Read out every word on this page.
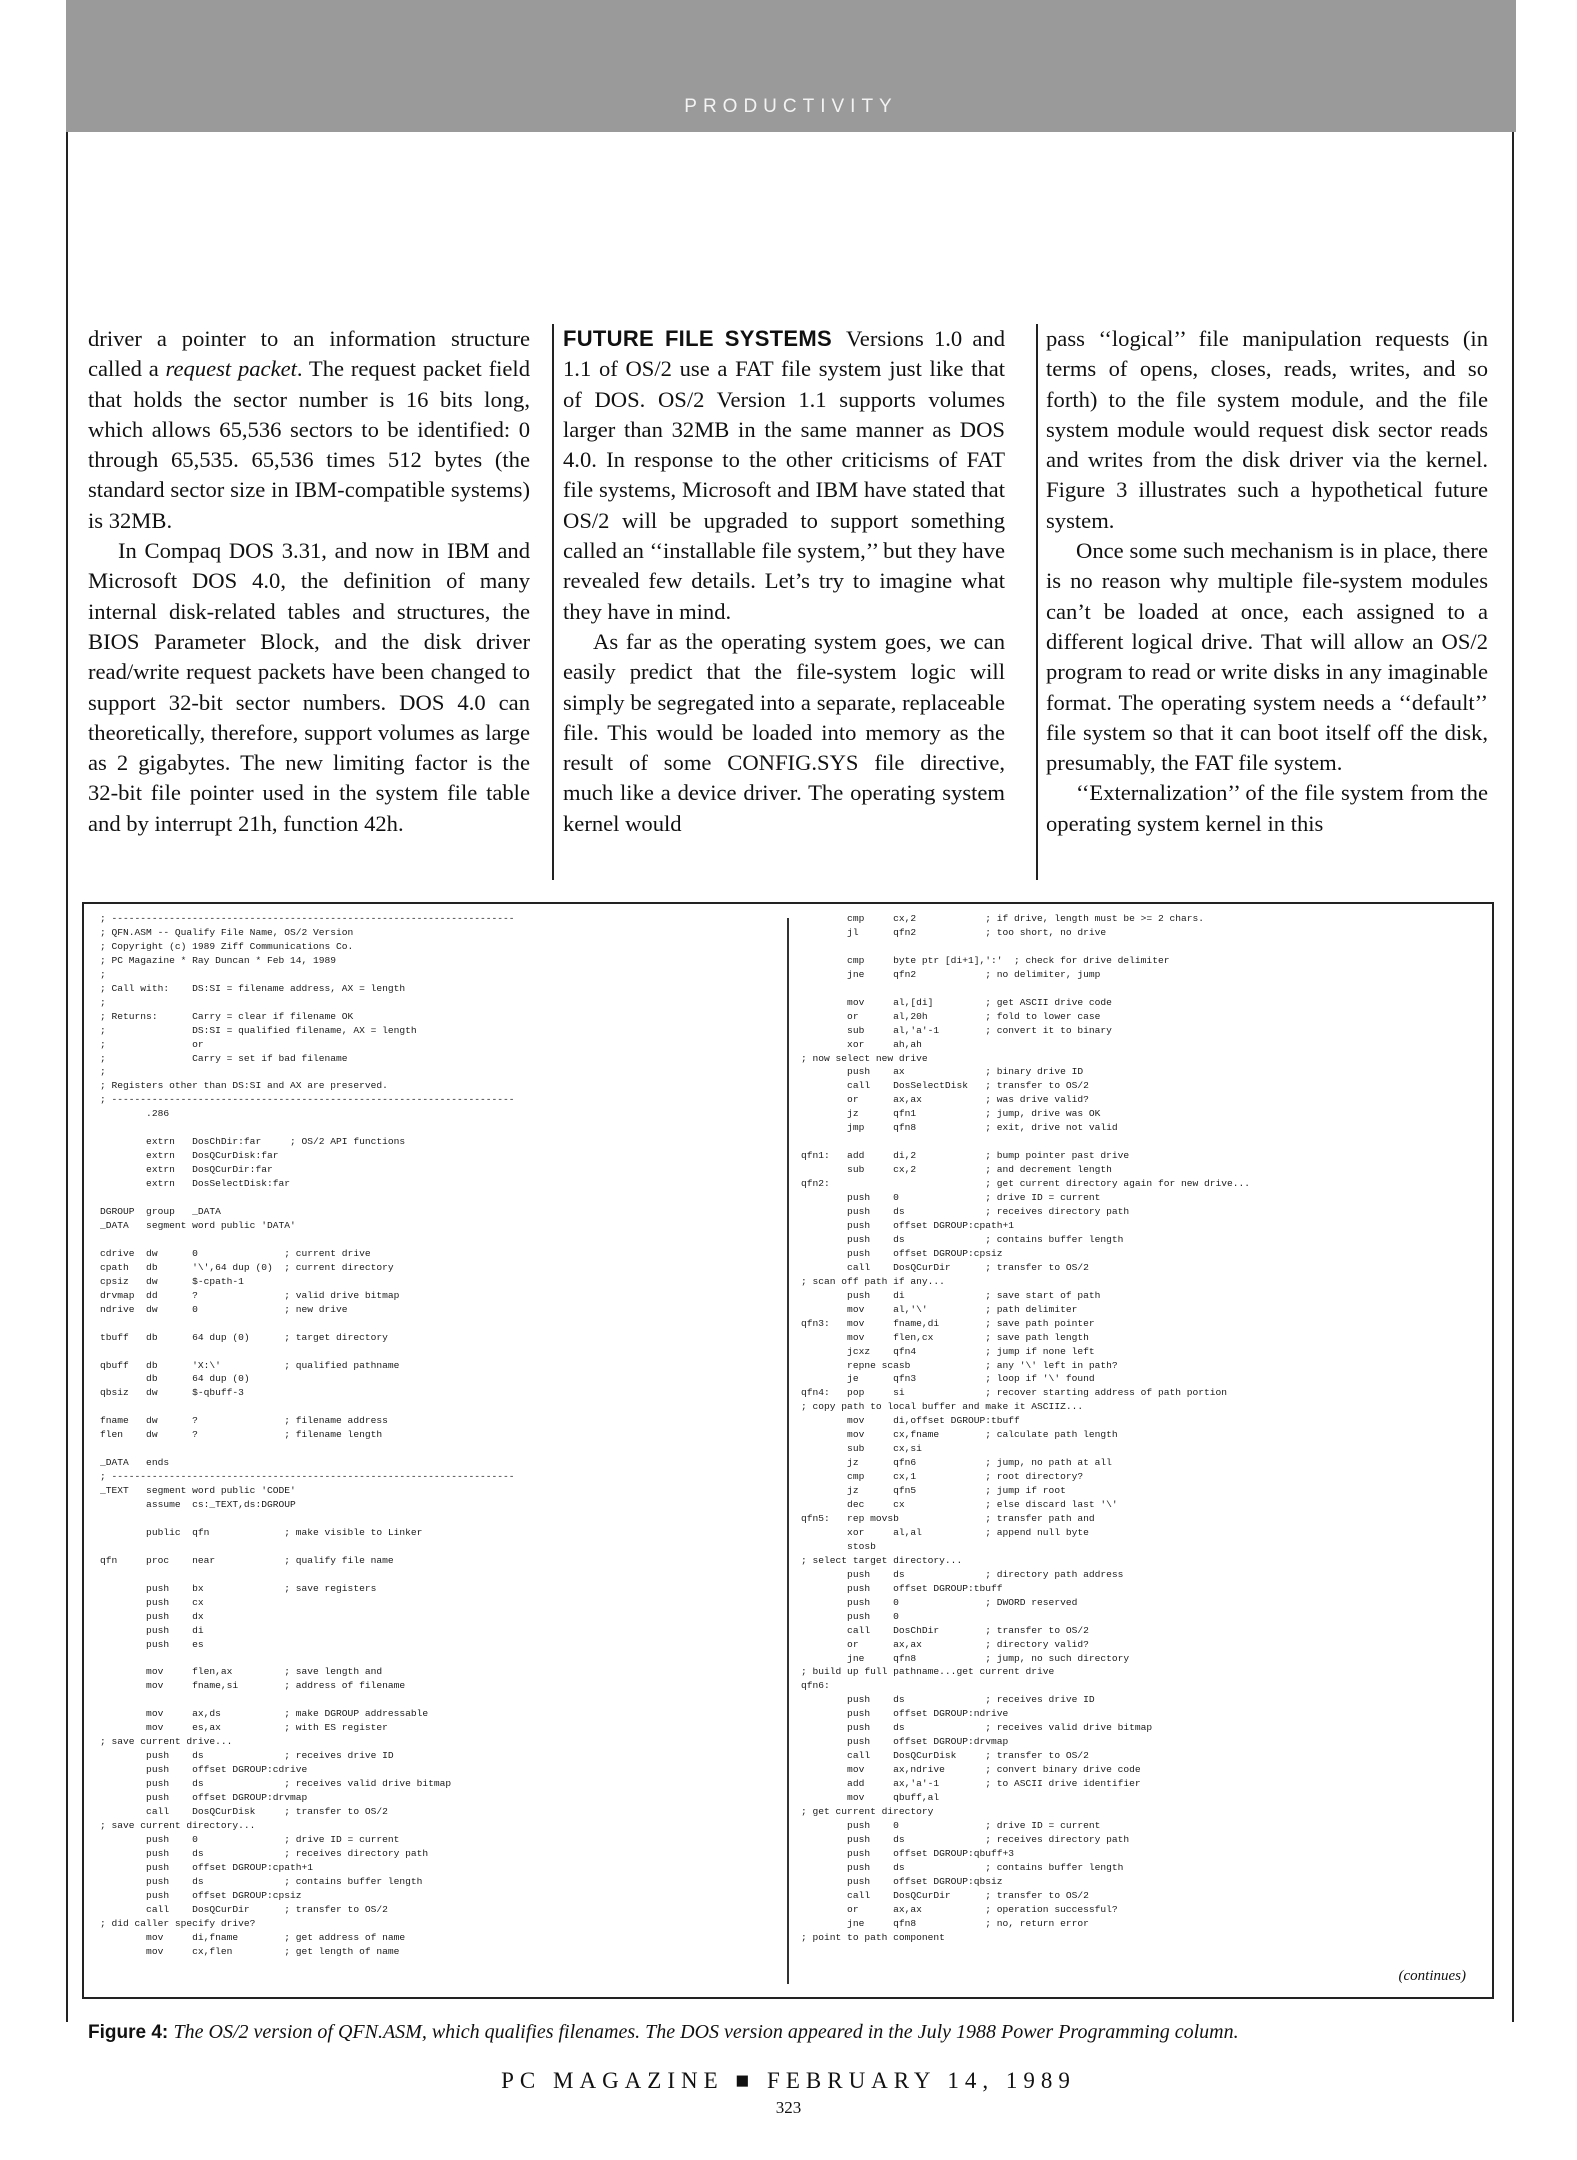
PRODUCTIVITY

driver a pointer to an information structure called a request packet. The request packet field that holds the sector number is 16 bits long, which allows 65,536 sectors to be identified: 0 through 65,535. 65,536 times 512 bytes (the standard sector size in IBM-compatible systems) is 32MB.

In Compaq DOS 3.31, and now in IBM and Microsoft DOS 4.0, the definition of many internal disk-related tables and structures, the BIOS Parameter Block, and the disk driver read/write request packets have been changed to support 32-bit sector numbers. DOS 4.0 can theoretically, therefore, support volumes as large as 2 gigabytes. The new limiting factor is the 32-bit file pointer used in the system file table and by interrupt 21h, function 42h.

FUTURE FILE SYSTEMS Versions 1.0 and 1.1 of OS/2 use a FAT file system just like that of DOS. OS/2 Version 1.1 supports volumes larger than 32MB in the same manner as DOS 4.0. In response to the other criticisms of FAT file systems, Microsoft and IBM have stated that OS/2 will be upgraded to support something called an ‘‘installable file system,’’ but they have revealed few details. Let’s try to imagine what they have in mind.

As far as the operating system goes, we can easily predict that the file-system logic will simply be segregated into a separate, replaceable file. This would be loaded into memory as the result of some CONFIG.SYS file directive, much like a device driver. The operating system kernel would

pass ‘‘logical’’ file manipulation requests (in terms of opens, closes, reads, writes, and so forth) to the file system module, and the file system module would request disk sector reads and writes from the disk driver via the kernel. Figure 3 illustrates such a hypothetical future system.

Once some such mechanism is in place, there is no reason why multiple file-system modules can’t be loaded at once, each assigned to a different logical drive. That will allow an OS/2 program to read or write disks in any imaginable format. The operating system needs a ‘‘default’’ file system so that it can boot itself off the disk, presumably, the FAT file system.

‘‘Externalization’’ of the file system from the operating system kernel in this

; ----------------------------------------------------------------------
; QFN.ASM -- Qualify File Name, OS/2 Version
; Copyright (c) 1989 Ziff Communications Co.
; PC Magazine * Ray Duncan * Feb 14, 1989
;
; Call with:    DS:SI = filename address, AX = length
;
; Returns:      Carry = clear if filename OK
;               DS:SI = qualified filename, AX = length
;               or
;               Carry = set if bad filename
;
; Registers other than DS:SI and AX are preserved.
; ----------------------------------------------------------------------
.286

extrn   DosChDir:far     ; OS/2 API functions
extrn   DosQCurDisk:far
extrn   DosQCurDir:far
extrn   DosSelectDisk:far

DGROUP  group   _DATA
_DATA   segment word public 'DATA'

cdrive  dw      0               ; current drive
cpath   db      '\',64 dup (0)  ; current directory
cpsiz   dw      $-cpath-1
drvmap  dd      ?               ; valid drive bitmap
ndrive  dw      0               ; new drive

tbuff   db      64 dup (0)      ; target directory

qbuff   db      'X:\'           ; qualified pathname
db      64 dup (0)
qbsiz   dw      $-qbuff-3

fname   dw      ?               ; filename address
flen    dw      ?               ; filename length

_DATA   ends
; ----------------------------------------------------------------------
_TEXT   segment word public 'CODE'
assume  cs:_TEXT,ds:DGROUP

public  qfn             ; make visible to Linker

qfn     proc    near            ; qualify file name

push    bx              ; save registers
push    cx
push    dx
push    di
push    es

mov     flen,ax         ; save length and
mov     fname,si        ; address of filename

mov     ax,ds           ; make DGROUP addressable
mov     es,ax           ; with ES register
; save current drive...
push    ds              ; receives drive ID
push    offset DGROUP:cdrive
push    ds              ; receives valid drive bitmap
push    offset DGROUP:drvmap
call    DosQCurDisk     ; transfer to OS/2
; save current directory...
push    0               ; drive ID = current
push    ds              ; receives directory path
push    offset DGROUP:cpath+1
push    ds              ; contains buffer length
push    offset DGROUP:cpsiz
call    DosQCurDir      ; transfer to OS/2
; did caller specify drive?
mov     di,fname        ; get address of name
mov     cx,flen         ; get length of name
cmp     cx,2            ; if drive, length must be >= 2 chars.
jl      qfn2            ; too short, no drive

cmp     byte ptr [di+1],':'  ; check for drive delimiter
jne     qfn2            ; no delimiter, jump

mov     al,[di]         ; get ASCII drive code
or      al,20h          ; fold to lower case
sub     al,'a'-1        ; convert it to binary
xor     ah,ah
; now select new drive
push    ax              ; binary drive ID
call    DosSelectDisk   ; transfer to OS/2
or      ax,ax           ; was drive valid?
jz      qfn1            ; jump, drive was OK
jmp     qfn8            ; exit, drive not valid

qfn1:   add     di,2            ; bump pointer past drive
sub     cx,2            ; and decrement length
qfn2:                           ; get current directory again for new drive...
push    0               ; drive ID = current
push    ds              ; receives directory path
push    offset DGROUP:cpath+1
push    ds              ; contains buffer length
push    offset DGROUP:cpsiz
call    DosQCurDir      ; transfer to OS/2
; scan off path if any...
push    di              ; save start of path
mov     al,'\'          ; path delimiter
qfn3:   mov     fname,di        ; save path pointer
mov     flen,cx         ; save path length
jcxz    qfn4            ; jump if none left
repne scasb             ; any '\' left in path?
je      qfn3            ; loop if '\' found
qfn4:   pop     si              ; recover starting address of path portion
; copy path to local buffer and make it ASCIIZ...
mov     di,offset DGROUP:tbuff
mov     cx,fname        ; calculate path length
sub     cx,si
jz      qfn6            ; jump, no path at all
cmp     cx,1            ; root directory?
jz      qfn5            ; jump if root
dec     cx              ; else discard last '\'
qfn5:   rep movsb               ; transfer path and
xor     al,al           ; append null byte
stosb
; select target directory...
push    ds              ; directory path address
push    offset DGROUP:tbuff
push    0               ; DWORD reserved
push    0
call    DosChDir        ; transfer to OS/2
or      ax,ax           ; directory valid?
jne     qfn8            ; jump, no such directory
; build up full pathname...get current drive
qfn6:
push    ds              ; receives drive ID
push    offset DGROUP:ndrive
push    ds              ; receives valid drive bitmap
push    offset DGROUP:drvmap
call    DosQCurDisk     ; transfer to OS/2
mov     ax,ndrive       ; convert binary drive code
add     ax,'a'-1        ; to ASCII drive identifier
mov     qbuff,al
; get current directory
push    0               ; drive ID = current
push    ds              ; receives directory path
push    offset DGROUP:qbuff+3
push    ds              ; contains buffer length
push    offset DGROUP:qbsiz
call    DosQCurDir      ; transfer to OS/2
or      ax,ax           ; operation successful?
jne     qfn8            ; no, return error
; point to path component
(continues)
Figure 4: The OS/2 version of QFN.ASM, which qualifies filenames. The DOS version appeared in the July 1988 Power Programming column.
PC MAGAZINE ■ FEBRUARY 14, 1989
323
